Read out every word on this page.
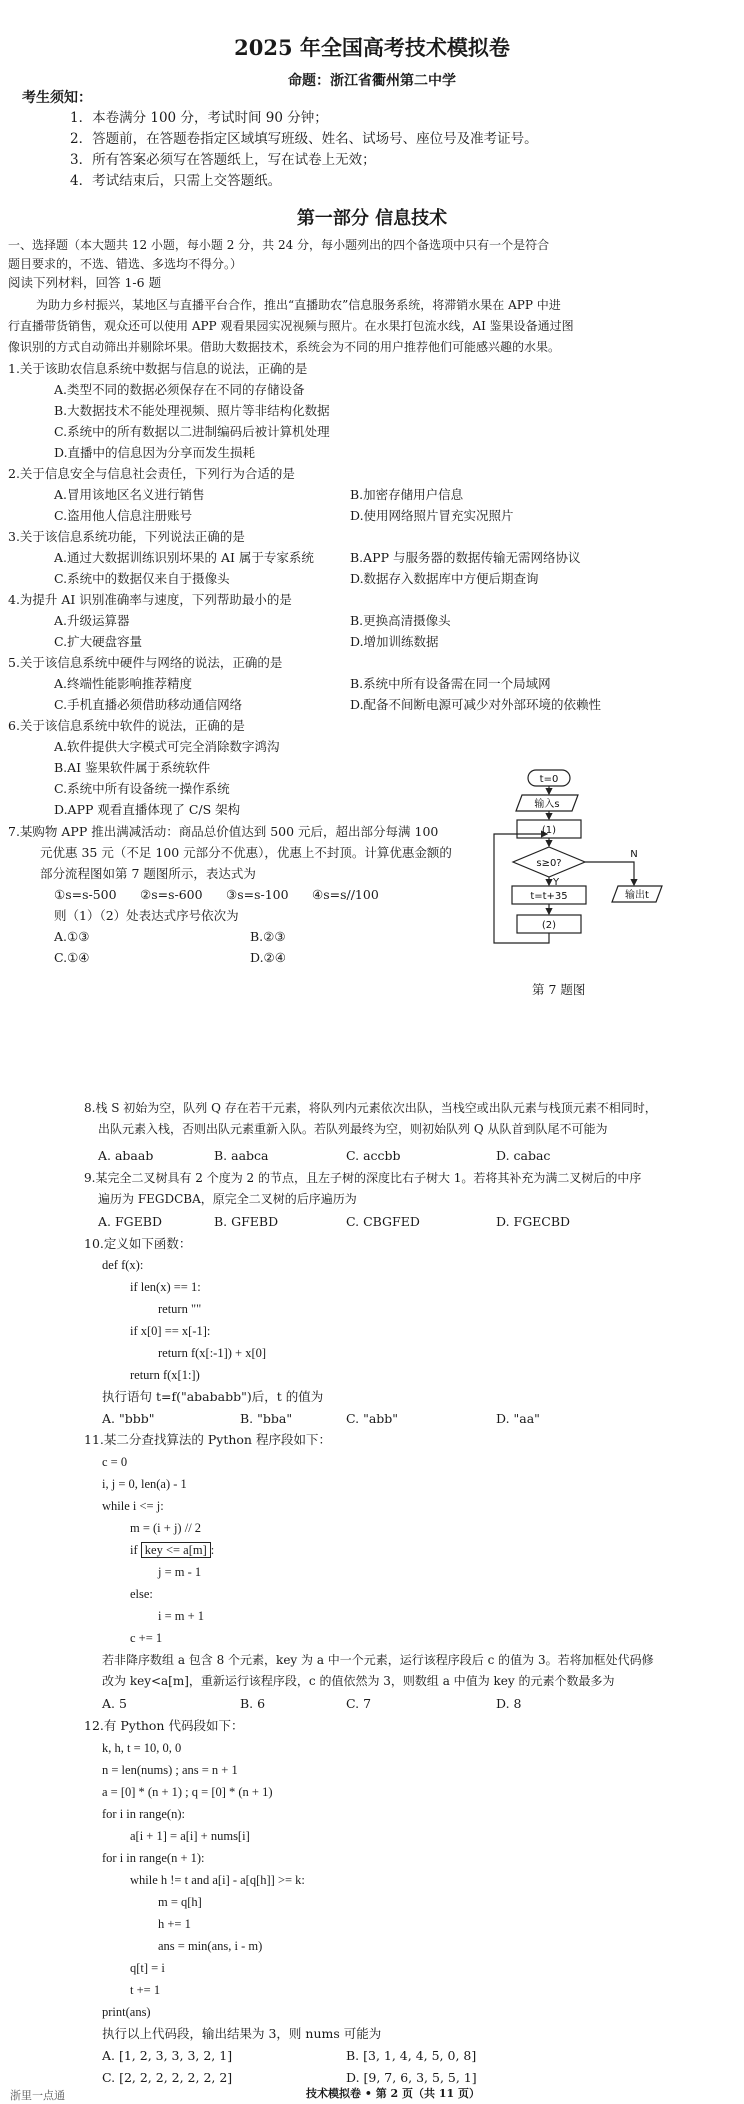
2025 年全国高考技术模拟卷
命题：浙江省衢州第二中学
考生须知：
1．本卷满分 100 分，考试时间 90 分钟；
2．答题前，在答题卷指定区域填写班级、姓名、试场号、座位号及准考证号。
3．所有答案必须写在答题纸上，写在试卷上无效；
4．考试结束后，只需上交答题纸。
第一部分 信息技术
一、选择题（本大题共 12 小题，每小题 2 分，共 24 分，每小题列出的四个备选项中只有一个是符合
题目要求的，不选、错选、多选均不得分。）
阅读下列材料，回答 1-6 题
为助力乡村振兴，某地区与直播平台合作，推出“直播助农”信息服务系统，将滞销水果在 APP 中进
行直播带货销售，观众还可以使用 APP 观看果园实况视频与照片。在水果打包流水线，AI 鉴果设备通过图
像识别的方式自动筛出并剔除坏果。借助大数据技术，系统会为不同的用户推荐他们可能感兴趣的水果。
1.关于该助农信息系统中数据与信息的说法，正确的是
A.类型不同的数据必须保存在不同的存储设备
B.大数据技术不能处理视频、照片等非结构化数据
C.系统中的所有数据以二进制编码后被计算机处理
D.直播中的信息因为分享而发生损耗
2.关于信息安全与信息社会责任，下列行为合适的是
A.冒用该地区名义进行销售	B.加密存储用户信息
C.盗用他人信息注册账号	D.使用网络照片冒充实况照片
3.关于该信息系统功能，下列说法正确的是
A.通过大数据训练识别坏果的 AI 属于专家系统	B.APP 与服务器的数据传输无需网络协议
C.系统中的数据仅来自于摄像头	D.数据存入数据库中方便后期查询
4.为提升 AI 识别准确率与速度，下列帮助最小的是
A.升级运算器	B.更换高清摄像头
C.扩大硬盘容量	D.增加训练数据
5.关于该信息系统中硬件与网络的说法，正确的是
A.终端性能影响推荐精度	B.系统中所有设备需在同一个局域网
C.手机直播必须借助移动通信网络	D.配备不间断电源可减少对外部环境的依赖性
6.关于该信息系统中软件的说法，正确的是
A.软件提供大字模式可完全消除数字鸿沟
B.AI 鉴果软件属于系统软件
C.系统中所有设备统一操作系统
D.APP 观看直播体现了 C/S 架构
7.某购物 APP 推出满减活动：商品总价值达到 500 元后，超出部分每满 100
元优惠 35 元（不足 100 元部分不优惠），优惠上不封顶。计算优惠金额的
部分流程图如第 7 题图所示，表达式为
①s=s-500 ②s=s-600 ③s=s-100 ④s=s//100
则（1）（2）处表达式序号依次为
A.①③	B.②③
C.①④	D.②④
t=0
输入s
(1)
s≥0?
Y
N
t=t+35
(2)
输出t
第 7 题图
8.栈 S 初始为空，队列 Q 存在若干元素，将队列内元素依次出队，当栈空或出队元素与栈顶元素不相同时，
出队元素入栈，否则出队元素重新入队。若队列最终为空，则初始队列 Q 从队首到队尾不可能为
A. abaab	B. aabca	C. accbb	D. cabac
9.某完全二叉树具有 2 个度为 2 的节点，且左子树的深度比右子树大 1。若将其补充为满二叉树后的中序
遍历为 FEGDCBA，原完全二叉树的后序遍历为
A. FGEBD	B. GFEBD	C. CBGFED	D. FGECBD
10.定义如下函数：
def f(x):
if len(x) == 1:
return ""
if x[0] == x[-1]:
return f(x[:-1]) + x[0]
return f(x[1:])
执行语句 t=f("abababb")后，t 的值为
A. "bbb"	B. "bba"	C. "abb"	D. "aa"
11.某二分查找算法的 Python 程序段如下：
c = 0
i, j = 0, len(a) - 1
while i <= j:
m = (i + j) // 2
if key <= a[m] :
j = m - 1
else:
i = m + 1
c += 1
若非降序数组 a 包含 8 个元素，key 为 a 中一个元素，运行该程序段后 c 的值为 3。若将加框处代码修
改为 key<a[m]，重新运行该程序段，c 的值依然为 3，则数组 a 中值为 key 的元素个数最多为
A. 5	B. 6	C. 7	D. 8
12.有 Python 代码段如下：
k, h, t = 10, 0, 0
n = len(nums) ; ans = n + 1
a = [0] * (n + 1) ; q = [0] * (n + 1)
for i in range(n):
a[i + 1] = a[i] + nums[i]
for i in range(n + 1):
while h != t and a[i] - a[q[h]] >= k:
m = q[h]
h += 1
ans = min(ans, i - m)
q[t] = i
t += 1
print(ans)
执行以上代码段，输出结果为 3，则 nums 可能为
A. [1, 2, 3, 3, 3, 2, 1]	B. [3, 1, 4, 4, 5, 0, 8]
C. [2, 2, 2, 2, 2, 2, 2]	D. [9, 7, 6, 3, 5, 5, 1]
技术模拟卷 • 第 2 页（共 11 页）
浙里一点通
